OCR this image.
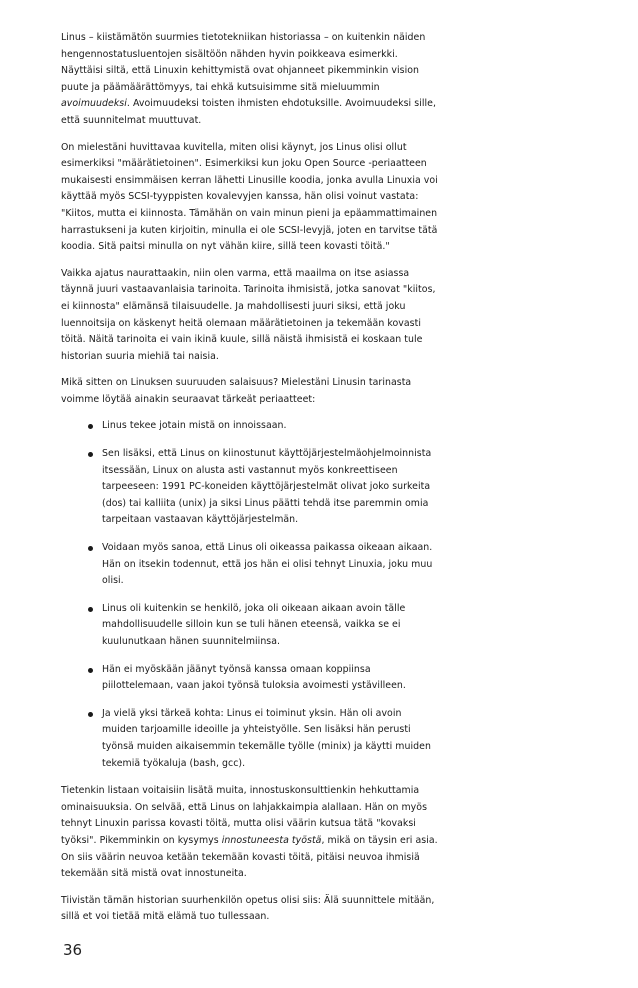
Linus – kiistämätön suurmies tietotekniikan historiassa – on kuitenkin näiden hengennostatusluentojen sisältöön nähden hyvin poikkeava esimerkki. Näyttäisi siltä, että Linuxin kehittymistä ovat ohjanneet pikemminkin vision puute ja päämäärättömyys, tai ehkä kutsuisimme sitä mieluummin avoimuudeksi. Avoimuudeksi toisten ihmisten ehdotuksille. Avoimuudeksi sille, että suunnitelmat muuttuvat.

On mielestäni huvittavaa kuvitella, miten olisi käynyt, jos Linus olisi ollut esimerkiksi "määrätietoinen". Esimerkiksi kun joku Open Source -periaatteen mukaisesti ensimmäisen kerran lähetti Linusille koodia, jonka avulla Linuxia voi käyttää myös SCSI-tyyppisten kovalevyjen kanssa, hän olisi voinut vastata: "Kiitos, mutta ei kiinnosta. Tämähän on vain minun pieni ja epäammattimainen harrastukseni ja kuten kirjoitin, minulla ei ole SCSI-levyjä, joten en tarvitse tätä koodia. Sitä paitsi minulla on nyt vähän kiire, sillä teen kovasti töitä."

Vaikka ajatus naurattaakin, niin olen varma, että maailma on itse asiassa täynnä juuri vastaavanlaisia tarinoita. Tarinoita ihmisistä, jotka sanovat "kiitos, ei kiinnosta" elämänsä tilaisuudelle. Ja mahdollisesti juuri siksi, että joku luennoitsija on käskenyt heitä olemaan määrätietoinen ja tekemään kovasti töitä. Näitä tarinoita ei vain ikinä kuule, sillä näistä ihmisistä ei koskaan tule historian suuria miehiä tai naisia.

Mikä sitten on Linuksen suuruuden salaisuus? Mielestäni Linusin tarinasta voimme löytää ainakin seuraavat tärkeät periaatteet:

Linus tekee jotain mistä on innoissaan.
Sen lisäksi, että Linus on kiinostunut käyttöjärjestelmäohjelmoinnista itsessään, Linux on alusta asti vastannut myös konkreettiseen tarpeeseen: 1991 PC-koneiden käyttöjärjestelmät olivat joko surkeita (dos) tai kalliita (unix) ja siksi Linus päätti tehdä itse paremmin omia tarpeitaan vastaavan käyttöjärjestelmän.
Voidaan myös sanoa, että Linus oli oikeassa paikassa oikeaan aikaan. Hän on itsekin todennut, että jos hän ei olisi tehnyt Linuxia, joku muu olisi.
Linus oli kuitenkin se henkilö, joka oli oikeaan aikaan avoin tälle mahdollisuudelle silloin kun se tuli hänen eteensä, vaikka se ei kuulunutkaan hänen suunnitelmiinsa.
Hän ei myöskään jäänyt työnsä kanssa omaan koppiinsa piilottelemaan, vaan jakoi työnsä tuloksia avoimesti ystävilleen.
Ja vielä yksi tärkeä kohta: Linus ei toiminut yksin. Hän oli avoin muiden tarjoamille ideoille ja yhteistyölle. Sen lisäksi hän perusti työnsä muiden aikaisemmin tekemälle työlle (minix) ja käytti muiden tekemiä työkaluja (bash, gcc).

Tietenkin listaan voitaisiin lisätä muita, innostuskonsulttienkin hehkuttamia ominaisuuksia. On selvää, että Linus on lahjakkaimpia alallaan. Hän on myös tehnyt Linuxin parissa kovasti töitä, mutta olisi väärin kutsua tätä "kovaksi työksi". Pikemminkin on kysymys innostuneesta työstä, mikä on täysin eri asia. On siis väärin neuvoa ketään tekemään kovasti töitä, pitäisi neuvoa ihmisiä tekemään sitä mistä ovat innostuneita.

Tiivistän tämän historian suurhenkilön opetus olisi siis: Älä suunnittele mitään, sillä et voi tietää mitä elämä tuo tullessaan.

36
